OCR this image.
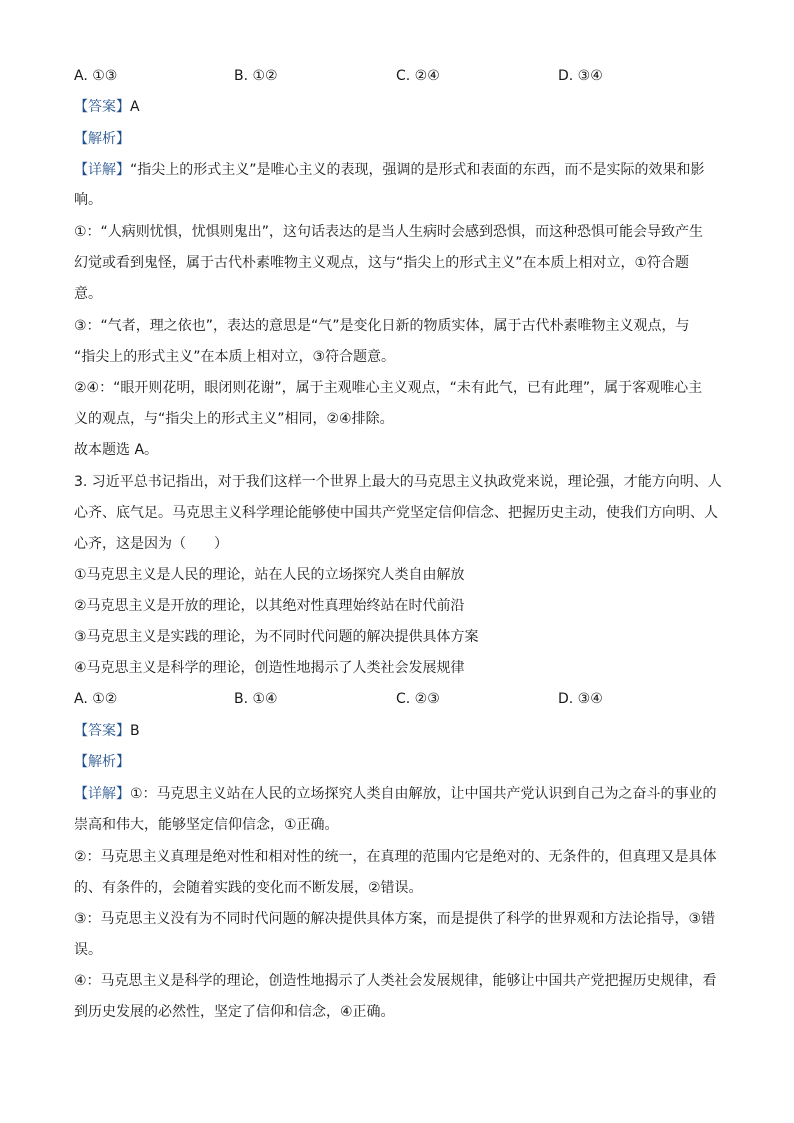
A. ①③	B. ①②	C. ②④	D. ③④
【答案】A
【解析】
【详解】“指尖上的形式主义”是唯心主义的表现，强调的是形式和表面的东西，而不是实际的效果和影
响。
①：“人病则忧惧，忧惧则鬼出”，这句话表达的是当人生病时会感到恐惧，而这种恐惧可能会导致产生
幻觉或看到鬼怪，属于古代朴素唯物主义观点，这与“指尖上的形式主义”在本质上相对立，①符合题
意。
③：“气者，理之依也”，表达的意思是“气”是变化日新的物质实体，属于古代朴素唯物主义观点，与
“指尖上的形式主义”在本质上相对立，③符合题意。
②④：“眼开则花明，眼闭则花谢”，属于主观唯心主义观点，“未有此气，已有此理”，属于客观唯心主
义的观点，与“指尖上的形式主义”相同，②④排除。
故本题选 A。
3. 习近平总书记指出，对于我们这样一个世界上最大的马克思主义执政党来说，理论强，才能方向明、人
心齐、底气足。马克思主义科学理论能够使中国共产党坚定信仰信念、把握历史主动，使我们方向明、人
心齐，这是因为（　　）
①马克思主义是人民的理论，站在人民的立场探究人类自由解放
②马克思主义是开放的理论，以其绝对性真理始终站在时代前沿
③马克思主义是实践的理论，为不同时代问题的解决提供具体方案
④马克思主义是科学的理论，创造性地揭示了人类社会发展规律
A. ①②	B. ①④	C. ②③	D. ③④
【答案】B
【解析】
【详解】①：马克思主义站在人民的立场探究人类自由解放，让中国共产党认识到自己为之奋斗的事业的
崇高和伟大，能够坚定信仰信念，①正确。
②：马克思主义真理是绝对性和相对性的统一，在真理的范围内它是绝对的、无条件的，但真理又是具体
的、有条件的，会随着实践的变化而不断发展，②错误。
③：马克思主义没有为不同时代问题的解决提供具体方案，而是提供了科学的世界观和方法论指导，③错
误。
④：马克思主义是科学的理论，创造性地揭示了人类社会发展规律，能够让中国共产党把握历史规律，看
到历史发展的必然性，坚定了信仰和信念，④正确。
